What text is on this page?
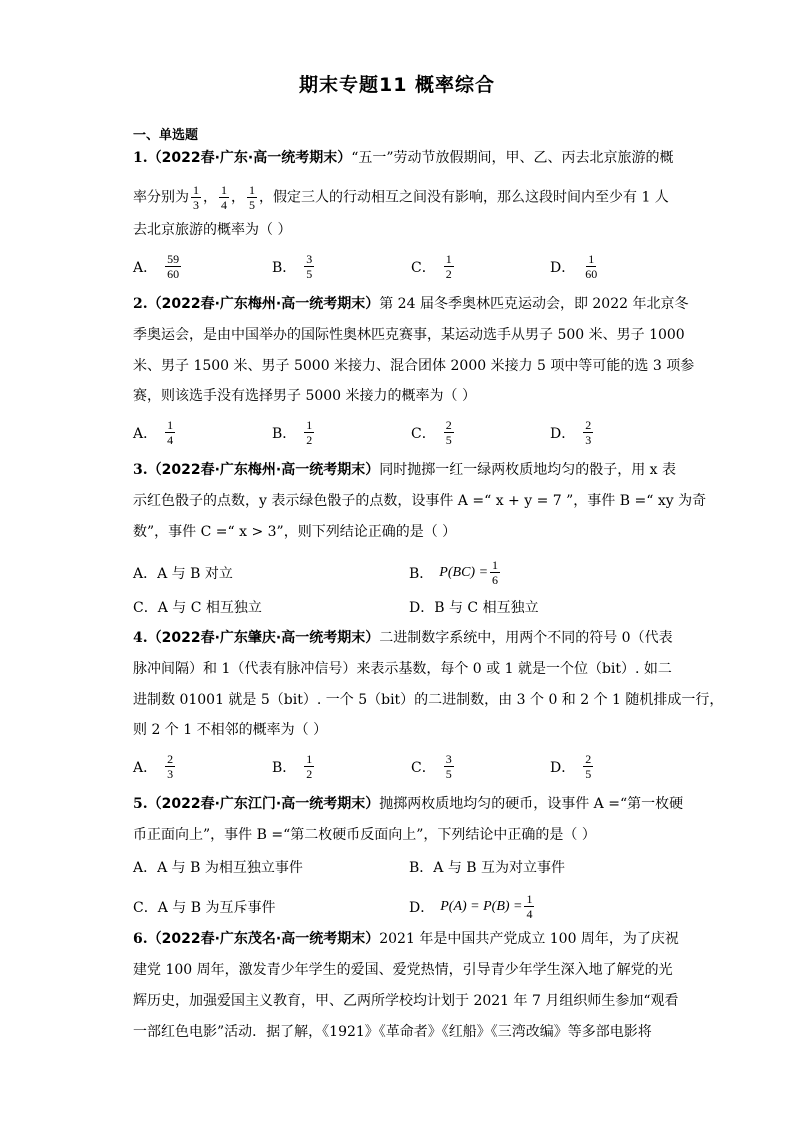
期末专题11 概率综合
一、单选题
1.（2022春·广东·高一统考期末）“五一”劳动节放假期间，甲、乙、丙去北京旅游的概
率分别为 $\frac{1}{3}$ ， $\frac{1}{4}$ ， $\frac{1}{5}$ ，假定三人的行动相互之间没有影响，那么这段时间内至少有 1 人
去北京旅游的概率为（ ）
A． $\frac{59}{60}$	B． $\frac{3}{5}$	C． $\frac{1}{2}$	D． $\frac{1}{60}$
2.（2022春·广东梅州·高一统考期末）第 24 届冬季奥林匹克运动会，即 2022 年北京冬
季奥运会，是由中国举办的国际性奥林匹克赛事，某运动选手从男子 500 米、男子 1000
米、男子 1500 米、男子 5000 米接力、混合团体 2000 米接力 5 项中等可能的选 3 项参
赛，则该选手没有选择男子 5000 米接力的概率为（ ）
A． $\frac{1}{4}$	B． $\frac{1}{2}$	C． $\frac{2}{5}$	D． $\frac{2}{3}$
3.（2022春·广东梅州·高一统考期末）同时抛掷一红一绿两枚质地均匀的骰子，用 x 表
示红色骰子的点数，y 表示绿色骰子的点数，设事件 A =“ x + y = 7 ”，事件 B =“ xy 为奇
数”，事件 C =“ x > 3”，则下列结论正确的是（ ）
A．A 与 B 对立	B． $P(BC) = \frac{1}{6}$
C．A 与 C 相互独立	D．B 与 C 相互独立
4.（2022春·广东肇庆·高一统考期末）二进制数字系统中，用两个不同的符号 0（代表
脉冲间隔）和 1（代表有脉冲信号）来表示基数，每个 0 或 1 就是一个位（bit）. 如二
进制数 01001 就是 5（bit）. 一个 5（bit）的二进制数，由 3 个 0 和 2 个 1 随机排成一行，
则 2 个 1 不相邻的概率为（ ）
A． $\frac{2}{3}$	B． $\frac{1}{2}$	C． $\frac{3}{5}$	D． $\frac{2}{5}$
5.（2022春·广东江门·高一统考期末）抛掷两枚质地均匀的硬币，设事件 A =“第一枚硬
币正面向上”，事件 B =“第二枚硬币反面向上”，下列结论中正确的是（ ）
A．A 与 B 为相互独立事件	B．A 与 B 互为对立事件
C．A 与 B 为互斥事件	D． $P(A) = P(B) = \frac{1}{4}$
6.（2022春·广东茂名·高一统考期末）2021 年是中国共产党成立 100 周年，为了庆祝
建党 100 周年，激发青少年学生的爱国、爱党热情，引导青少年学生深入地了解党的光
辉历史，加强爱国主义教育，甲、乙两所学校均计划于 2021 年 7 月组织师生参加“观看
一部红色电影”活动．据了解，《1921》《革命者》《红船》《三湾改编》等多部电影将
